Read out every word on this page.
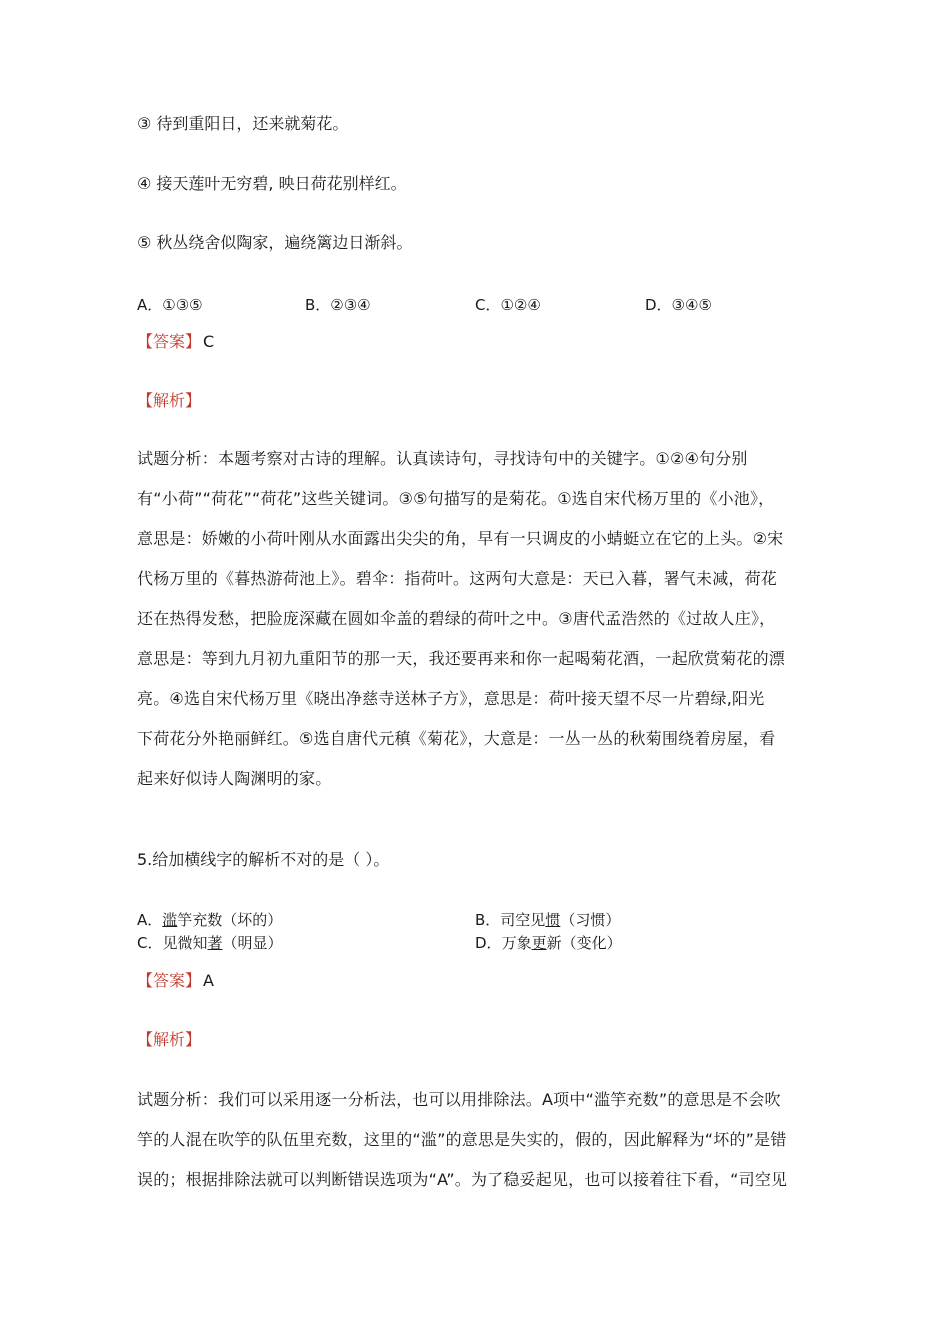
③ 待到重阳日，还来就菊花。
④ 接天莲叶无穷碧, 映日荷花别样红。
⑤ 秋丛绕舍似陶家，遍绕篱边日渐斜。
A．①③⑤	B．②③④	C．①②④	D．③④⑤
【答案】 C
【解析】
试题分析：本题考察对古诗的理解。认真读诗句，寻找诗句中的关键字。①②④句分别
有“小荷”“荷花”“荷花”这些关键词。③⑤句描写的是菊花。①选自宋代杨万里的《小池》，
意思是：娇嫩的小荷叶刚从水面露出尖尖的角，早有一只调皮的小蜻蜓立在它的上头。②宋
代杨万里的《暮热游荷池上》。碧伞：指荷叶。这两句大意是：天已入暮，署气未减，荷花
还在热得发愁，把脸庞深藏在圆如伞盖的碧绿的荷叶之中。③唐代孟浩然的《过故人庄》，
意思是：等到九月初九重阳节的那一天，我还要再来和你一起喝菊花酒，一起欣赏菊花的漂
亮。④选自宋代杨万里《晓出净慈寺送林子方》，意思是：荷叶接天望不尽一片碧绿,阳光
下荷花分外艳丽鲜红。⑤选自唐代元稹《菊花》，大意是：一丛一丛的秋菊围绕着房屋，看
起来好似诗人陶渊明的家。
5.给加横线字的解析不对的是（ ）。
A．滥竽充数（坏的）	B．司空见惯（习惯）
C．见微知著（明显）	D．万象更新（变化）
【答案】 A
【解析】
试题分析：我们可以采用逐一分析法，也可以用排除法。A项中“滥竽充数”的意思是不会吹
竽的人混在吹竽的队伍里充数，这里的“滥”的意思是失实的，假的，因此解释为“坏的”是错
误的；根据排除法就可以判断错误选项为“A”。为了稳妥起见，也可以接着往下看，“司空见
